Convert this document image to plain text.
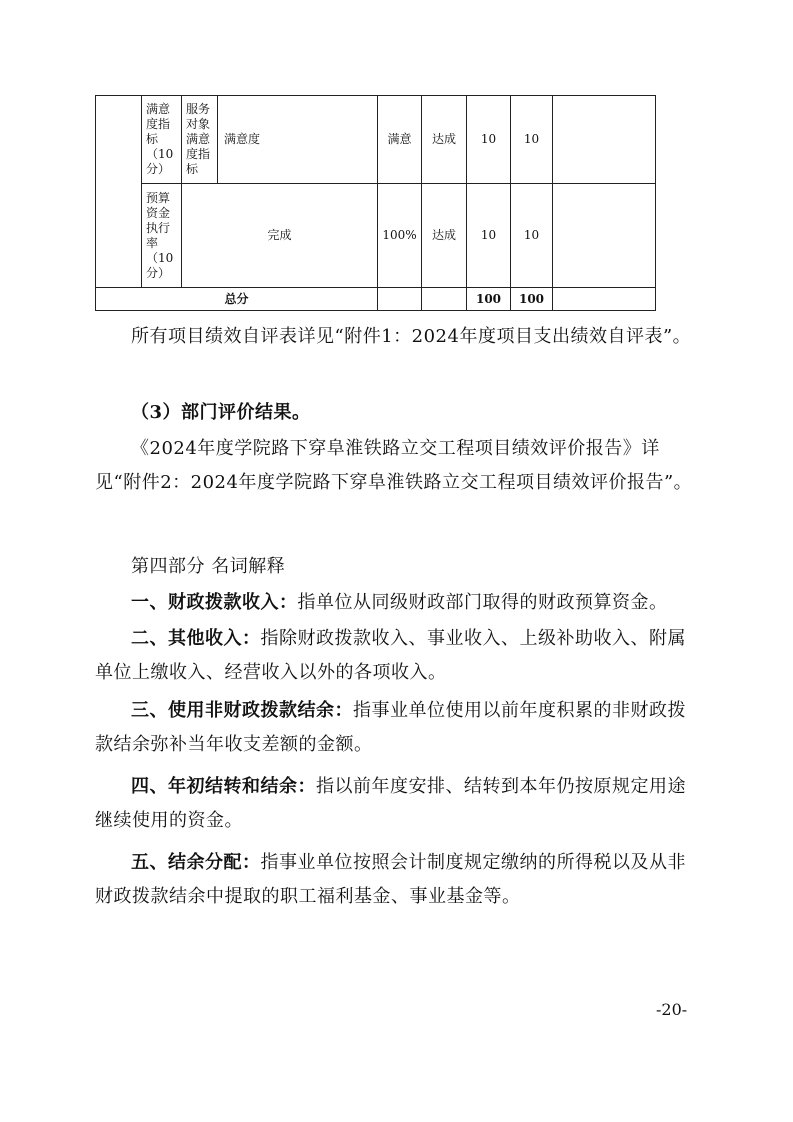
	满意度指标（10分）	服务对象满意度指标	满意度	满意	达成	10	10	
	预算资金执行率（10分）	完成		100%	达成	10	10	
总分						100	100	

所有项目绩效自评表详见“附件1：2024年度项目支出绩效自评表”。

（3）部门评价结果。

《2024年度学院路下穿阜淮铁路立交工程项目绩效评价报告》详见“附件2：2024年度学院路下穿阜淮铁路立交工程项目绩效评价报告”。

第四部分 名词解释

一、财政拨款收入：指单位从同级财政部门取得的财政预算资金。

二、其他收入：指除财政拨款收入、事业收入、上级补助收入、附属单位上缴收入、经营收入以外的各项收入。

三、使用非财政拨款结余：指事业单位使用以前年度积累的非财政拨款结余弥补当年收支差额的金额。

四、年初结转和结余：指以前年度安排、结转到本年仍按原规定用途继续使用的资金。

五、结余分配：指事业单位按照会计制度规定缴纳的所得税以及从非财政拨款结余中提取的职工福利基金、事业基金等。

-20-
